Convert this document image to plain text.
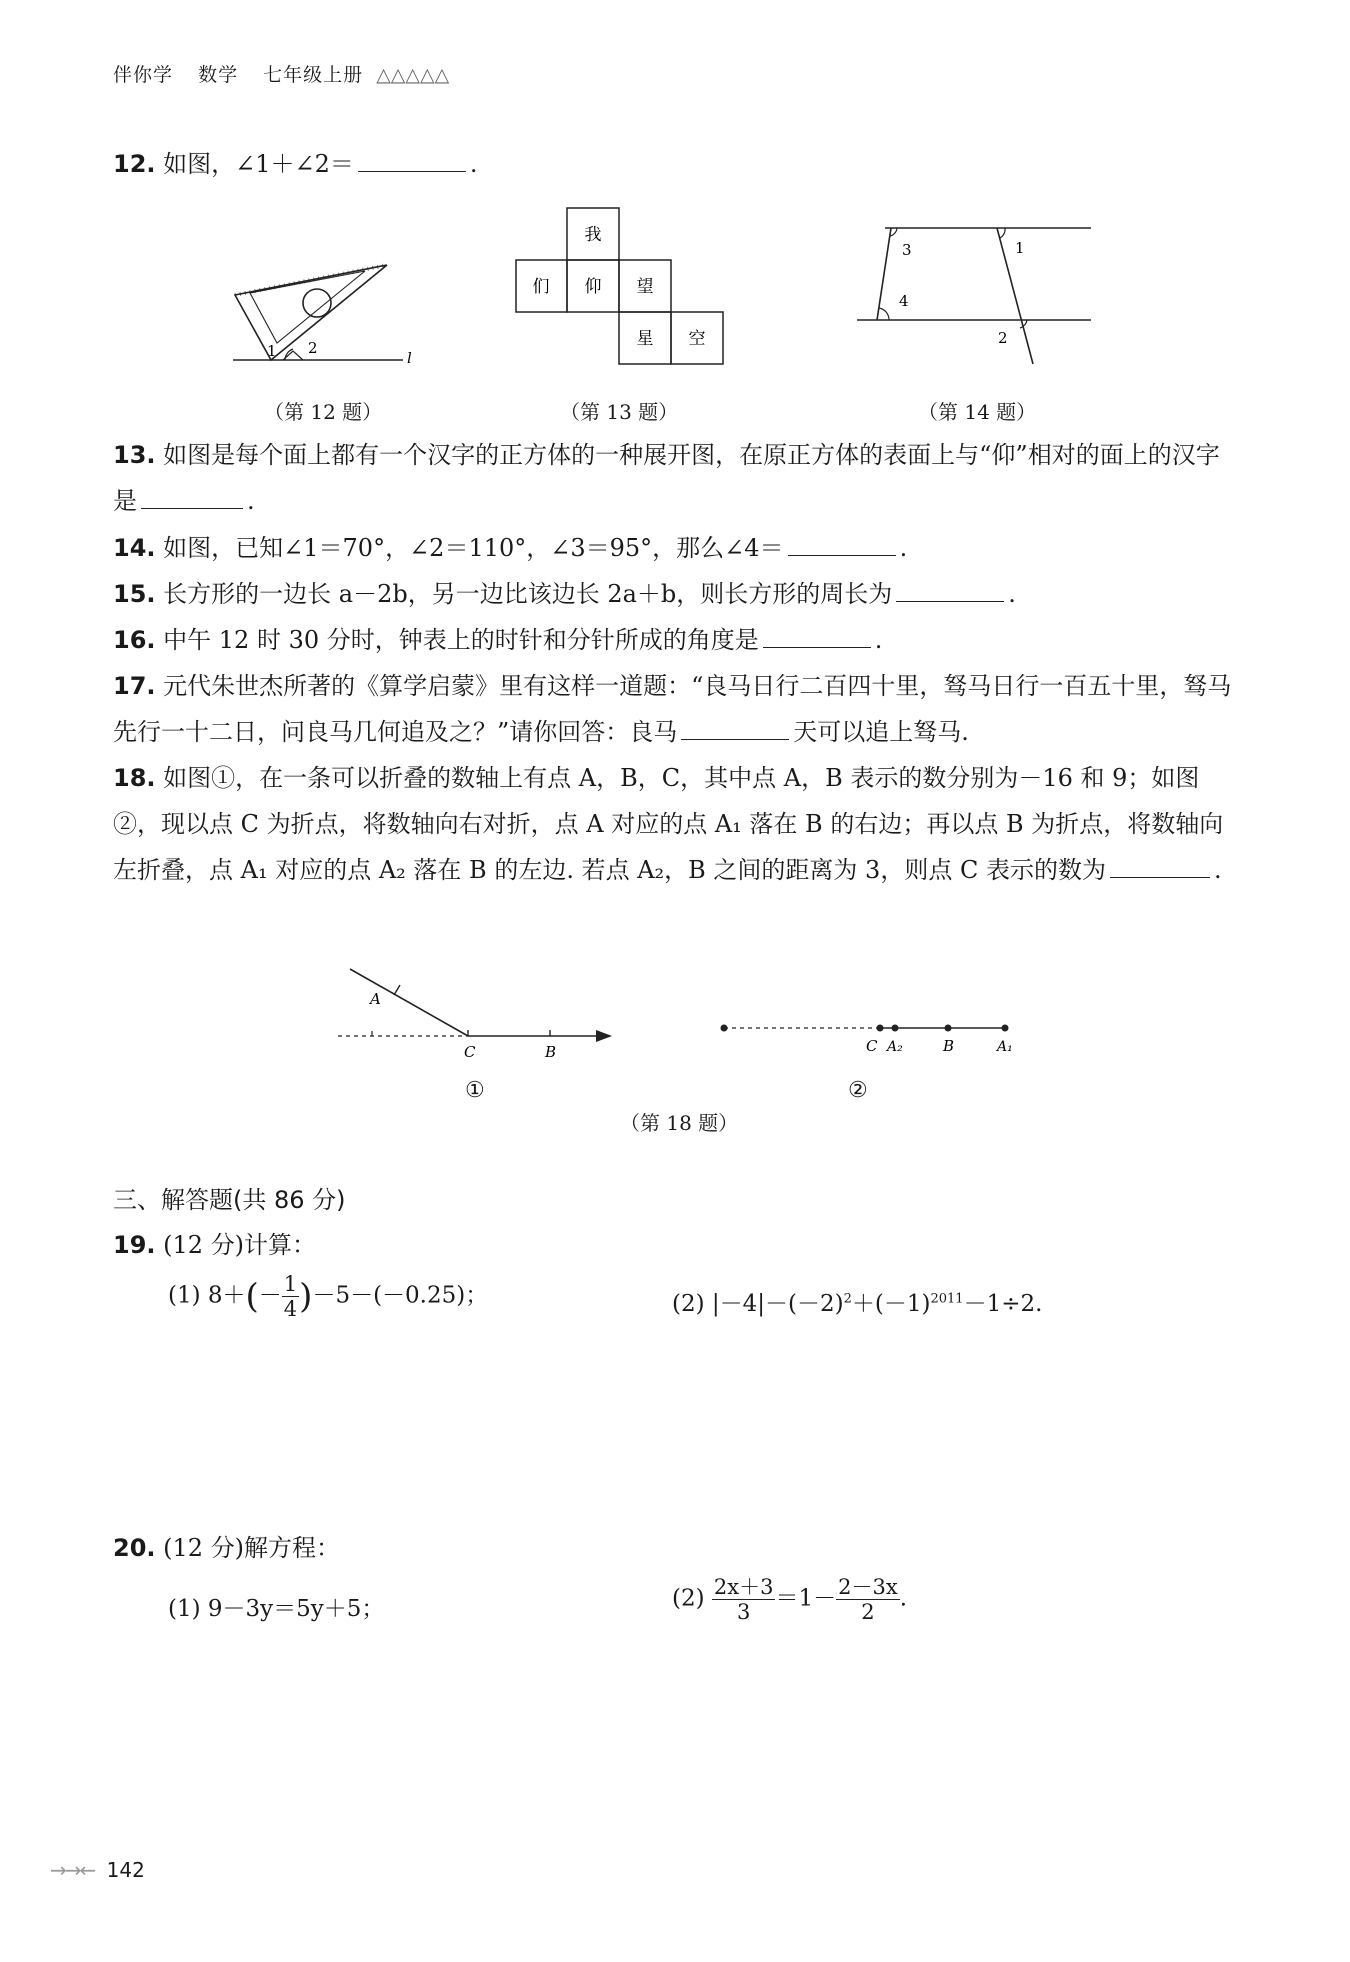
伴你学 数学 七年级上册 △△△△△
12. 如图，∠1＋∠2＝	.
1 2
l
（第 12 题）
我
们 仰 望
星 空
（第 13 题）
1
2
3
4
（第 14 题）
13. 如图是每个面上都有一个汉字的正方体的一种展开图，在原正方体的表面上与“仰”相对的面上的汉字是	.
14. 如图，已知∠1＝70°，∠2＝110°，∠3＝95°，那么∠4＝	.
15. 长方形的一边长 a－2b，另一边比该边长 2a＋b，则长方形的周长为	.
16. 中午 12 时 30 分时，钟表上的时针和分针所成的角度是	.
17. 元代朱世杰所著的《算学启蒙》里有这样一道题：“良马日行二百四十里，驽马日行一百五十里，驽马先行一十二日，问良马几何追及之？”请你回答：良马	天可以追上驽马.
18. 如图①，在一条可以折叠的数轴上有点 A，B，C，其中点 A，B 表示的数分别为－16 和 9；如图②，现以点 C 为折点，将数轴向右对折，点 A 对应的点 A₁ 落在 B 的右边；再以点 B 为折点，将数轴向左折叠，点 A₁ 对应的点 A₂ 落在 B 的左边. 若点 A₂，B 之间的距离为 3，则点 C 表示的数为	.
A
C	B
①
C A₂	B	A₁
②
（第 18 题）
三、解答题(共 86 分)
19. (12 分)计算：
(1) $8+(- \frac{1}{4} )-5-(-0.25)$；	(2) $|-4|-(-2)^2+(-1)^{2011}-1\div 2$.
20. (12 分)解方程：
(1) 9－3y＝5y＋5；	$(2) \frac{2x+3}{3} =1- \frac{2-3x}{2}$ .
→→← 142
